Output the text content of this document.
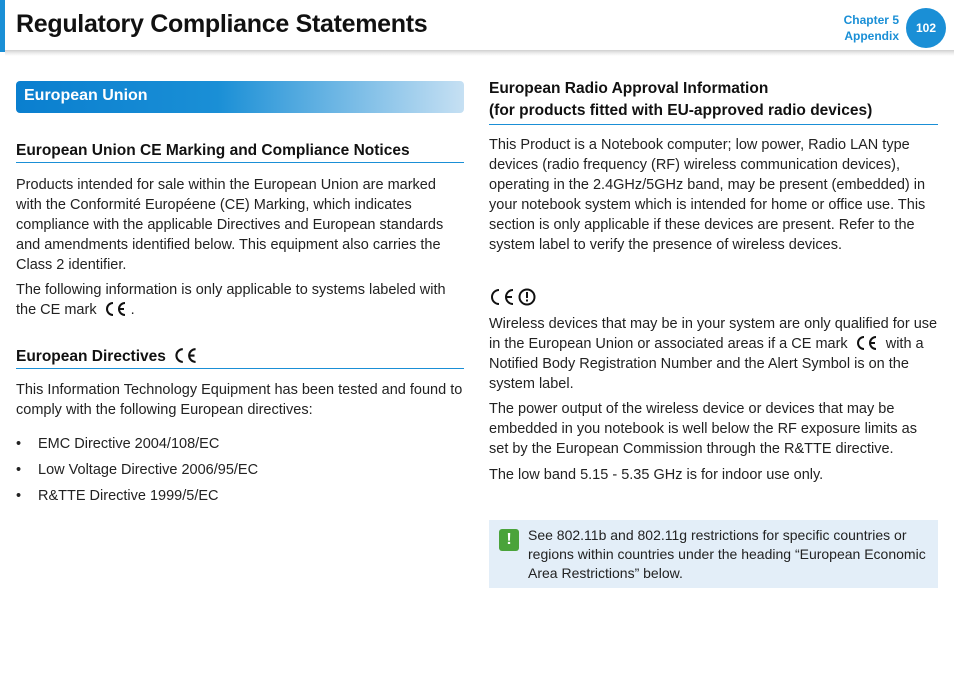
Regulatory Compliance Statements	Chapter 5
Appendix
102
European Union
European Union CE Marking and Compliance Notices

Products intended for sale within the European Union are marked with the Conformité Européene (CE) Marking, which indicates compliance with the applicable Directives and European standards and amendments identified below. This equipment also carries the Class 2 identifier.

The following information is only applicable to systems labeled with the CE mark .

European Directives

This Information Technology Equipment has been tested and found to comply with the following European directives:

• EMC Directive 2004/108/EC
• Low Voltage Directive 2006/95/EC
• R&TTE Directive 1999/5/EC
European Radio Approval Information
(for products fitted with EU-approved radio devices)

This Product is a Notebook computer; low power, Radio LAN type devices (radio frequency (RF) wireless communication devices), operating in the 2.4GHz/5GHz band, may be present (embedded) in your notebook system which is intended for home or office use. This section is only applicable if these devices are present. Refer to the system label to verify the presence of wireless devices.

Wireless devices that may be in your system are only qualified for use in the European Union or associated areas if a CE mark	with a Notified Body Registration Number and the Alert Symbol is on the system label.

The power output of the wireless device or devices that may be embedded in you notebook is well below the RF exposure limits as set by the European Commission through the R&TTE directive.

The low band 5.15 - 5.35 GHz is for indoor use only.

!	See 802.11b and 802.11g restrictions for specific countries or regions within countries under the heading “European Economic Area Restrictions” below.
